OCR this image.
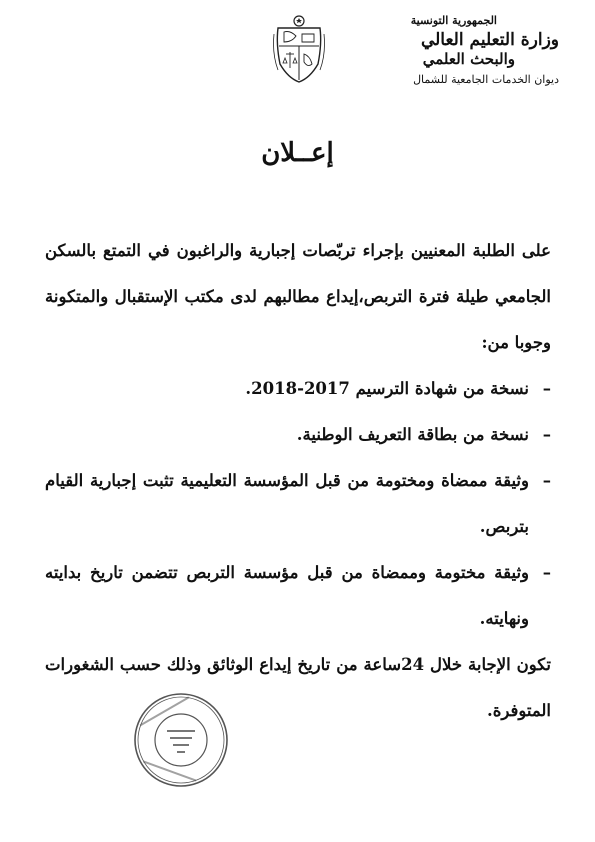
الجمهورية التونسية
وزارة التعليم العالي
والبحث العلمي
ديوان الخدمات الجامعية للشمال
إعــلان

على الطلبة المعنيين بإجراء تربّصات إجبارية والراغبون في التمتع بالسكن الجامعي طيلة فترة التربص،إيداع مطالبهم لدى مكتب الإستقبال والمتكونة وجوبا من:

–
نسخة من شهادة الترسيم 2017-2018.
–
نسخة من بطاقة التعريف الوطنية.
–
وثيقة ممضاة ومختومة من قبل المؤسسة التعليمية تثبت إجبارية القيام بتربص.
–
وثيقة مختومة وممضاة من قبل مؤسسة التربص تتضمن تاريخ بدايته ونهايته.

تكون الإجابة خلال 24ساعة من تاريخ إيداع الوثائق وذلك حسب الشغورات المتوفرة.
